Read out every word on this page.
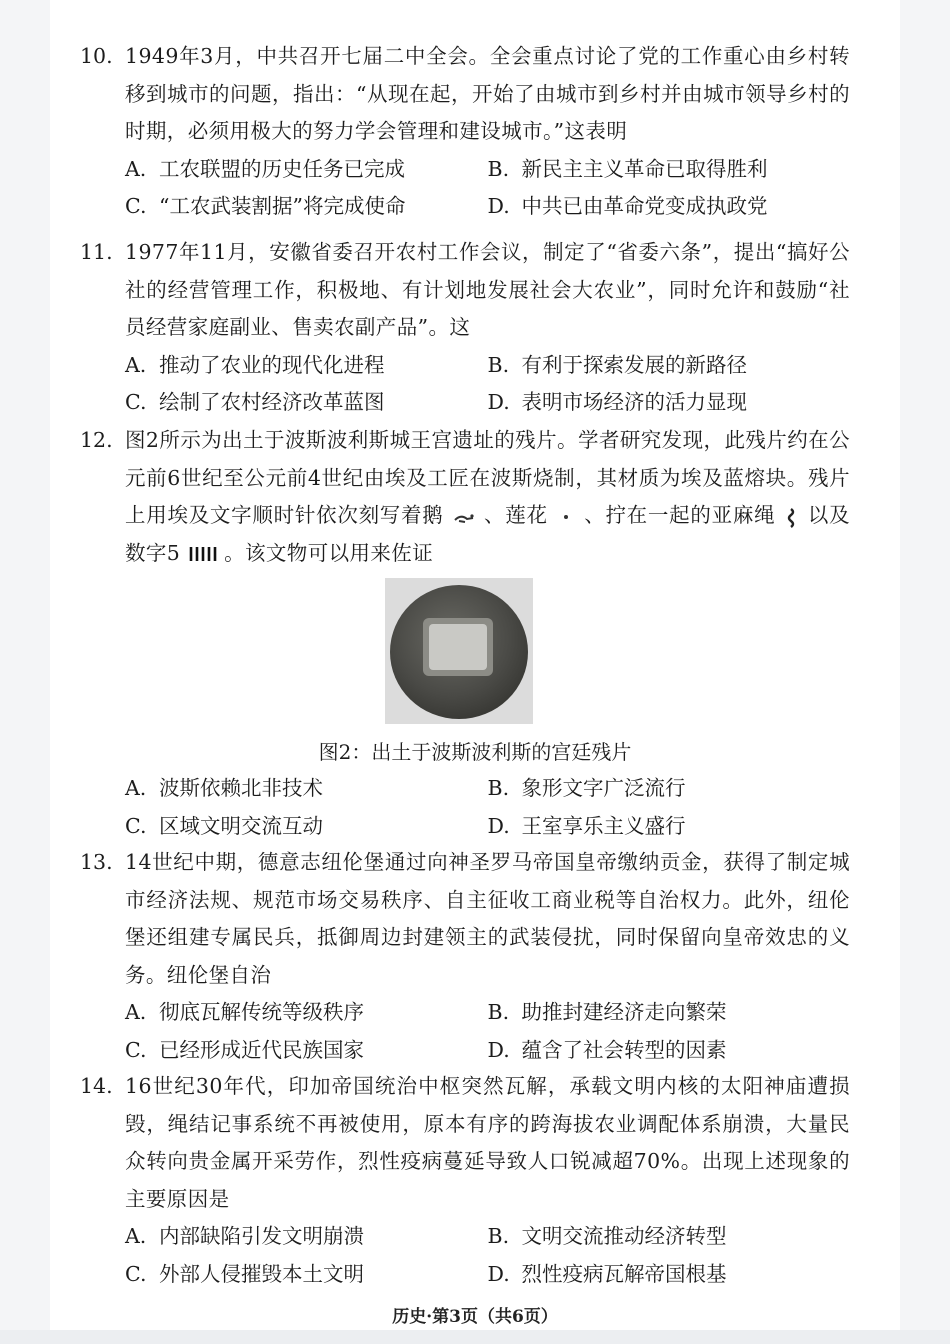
10. 1949年3月，中共召开七届二中全会。全会重点讨论了党的工作重心由乡村转移到城市的问题，指出：“从现在起，开始了由城市到乡村并由城市领导乡村的时期，必须用极大的努力学会管理和建设城市。”这表明
A. 工农联盟的历史任务已完成	B. 新民主主义革命已取得胜利
C. “工农武装割据”将完成使命	D. 中共已由革命党变成执政党
11. 1977年11月，安徽省委召开农村工作会议，制定了“省委六条”，提出“搞好公社的经营管理工作，积极地、有计划地发展社会大农业”，同时允许和鼓励“社员经营家庭副业、售卖农副产品”。这
A. 推动了农业的现代化进程	B. 有利于探索发展的新路径
C. 绘制了农村经济改革蓝图	D. 表明市场经济的活力显现
12. 图2所示为出土于波斯波利斯城王宫遗址的残片。学者研究发现，此残片约在公元前6世纪至公元前4世纪由埃及工匠在波斯烧制，其材质为埃及蓝熔块。残片上用埃及文字顺时针依次刻写着鹅 、莲花 、拧在一起的亚麻绳 以及数字5 。该文物可以用来佐证
图2：出土于波斯波利斯的宫廷残片
A. 波斯依赖北非技术	B. 象形文字广泛流行
C. 区域文明交流互动	D. 王室享乐主义盛行
13. 14世纪中期，德意志纽伦堡通过向神圣罗马帝国皇帝缴纳贡金，获得了制定城市经济法规、规范市场交易秩序、自主征收工商业税等自治权力。此外，纽伦堡还组建专属民兵，抵御周边封建领主的武装侵扰，同时保留向皇帝效忠的义务。纽伦堡自治
A. 彻底瓦解传统等级秩序	B. 助推封建经济走向繁荣
C. 已经形成近代民族国家	D. 蕴含了社会转型的因素
14. 16世纪30年代，印加帝国统治中枢突然瓦解，承载文明内核的太阳神庙遭损毁，绳结记事系统不再被使用，原本有序的跨海拔农业调配体系崩溃，大量民众转向贵金属开采劳作，烈性疫病蔓延导致人口锐减超70%。出现上述现象的主要原因是
A. 内部缺陷引发文明崩溃	B. 文明交流推动经济转型
C. 外部人侵摧毁本土文明	D. 烈性疫病瓦解帝国根基
历史·第3页（共6页）
